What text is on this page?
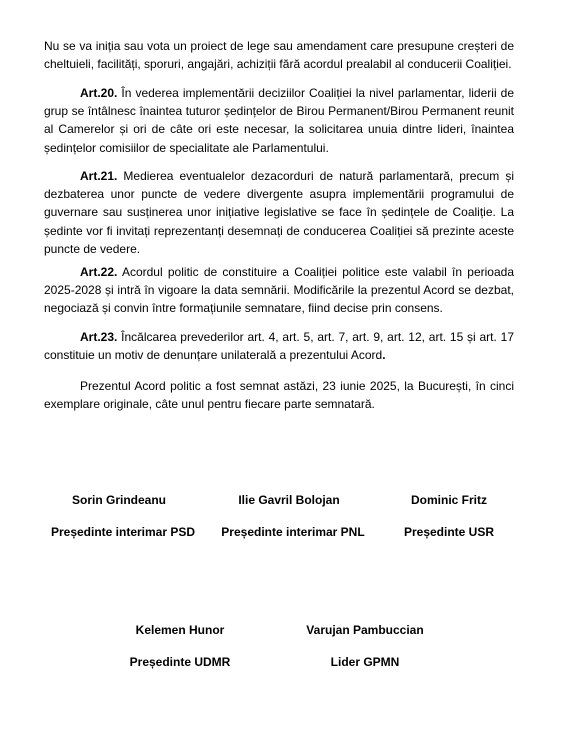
Nu se va iniția sau vota un proiect de lege sau amendament care presupune creșteri de cheltuieli, facilități, sporuri, angajări, achiziții fără acordul prealabil al conducerii Coaliției.

Art.20. În vederea implementării deciziilor Coaliției la nivel parlamentar, liderii de grup se întâlnesc înaintea tuturor ședințelor de Birou Permanent/Birou Permanent reunit al Camerelor și ori de câte ori este necesar, la solicitarea unuia dintre lideri, înaintea ședințelor comisiilor de specialitate ale Parlamentului.

Art.21. Medierea eventualelor dezacorduri de natură parlamentară, precum și dezbaterea unor puncte de vedere divergente asupra implementării programului de guvernare sau susținerea unor inițiative legislative se face în ședințele de Coaliție. La ședinte vor fi invitați reprezentanți desemnați de conducerea Coaliției să prezinte aceste puncte de vedere.

Art.22. Acordul politic de constituire a Coaliției politice este valabil în perioada 2025-2028 și intră în vigoare la data semnării. Modificările la prezentul Acord se dezbat, negociază și convin între formațiunile semnatare, fiind decise prin consens.

Art.23. Încălcarea prevederilor art. 4, art. 5, art. 7, art. 9, art. 12, art. 15 și art. 17 constituie un motiv de denunțare unilaterală a prezentului Acord.

Prezentul Acord politic a fost semnat astăzi, 23 iunie 2025, la București, în cinci exemplare originale, câte unul pentru fiecare parte semnatară.

Sorin Grindeanu
Președinte interimar PSD
Ilie Gavril Bolojan
Președinte interimar PNL
Dominic Fritz
Președinte USR
Kelemen Hunor
Președinte UDMR
Varujan Pambuccian
Lider GPMN
